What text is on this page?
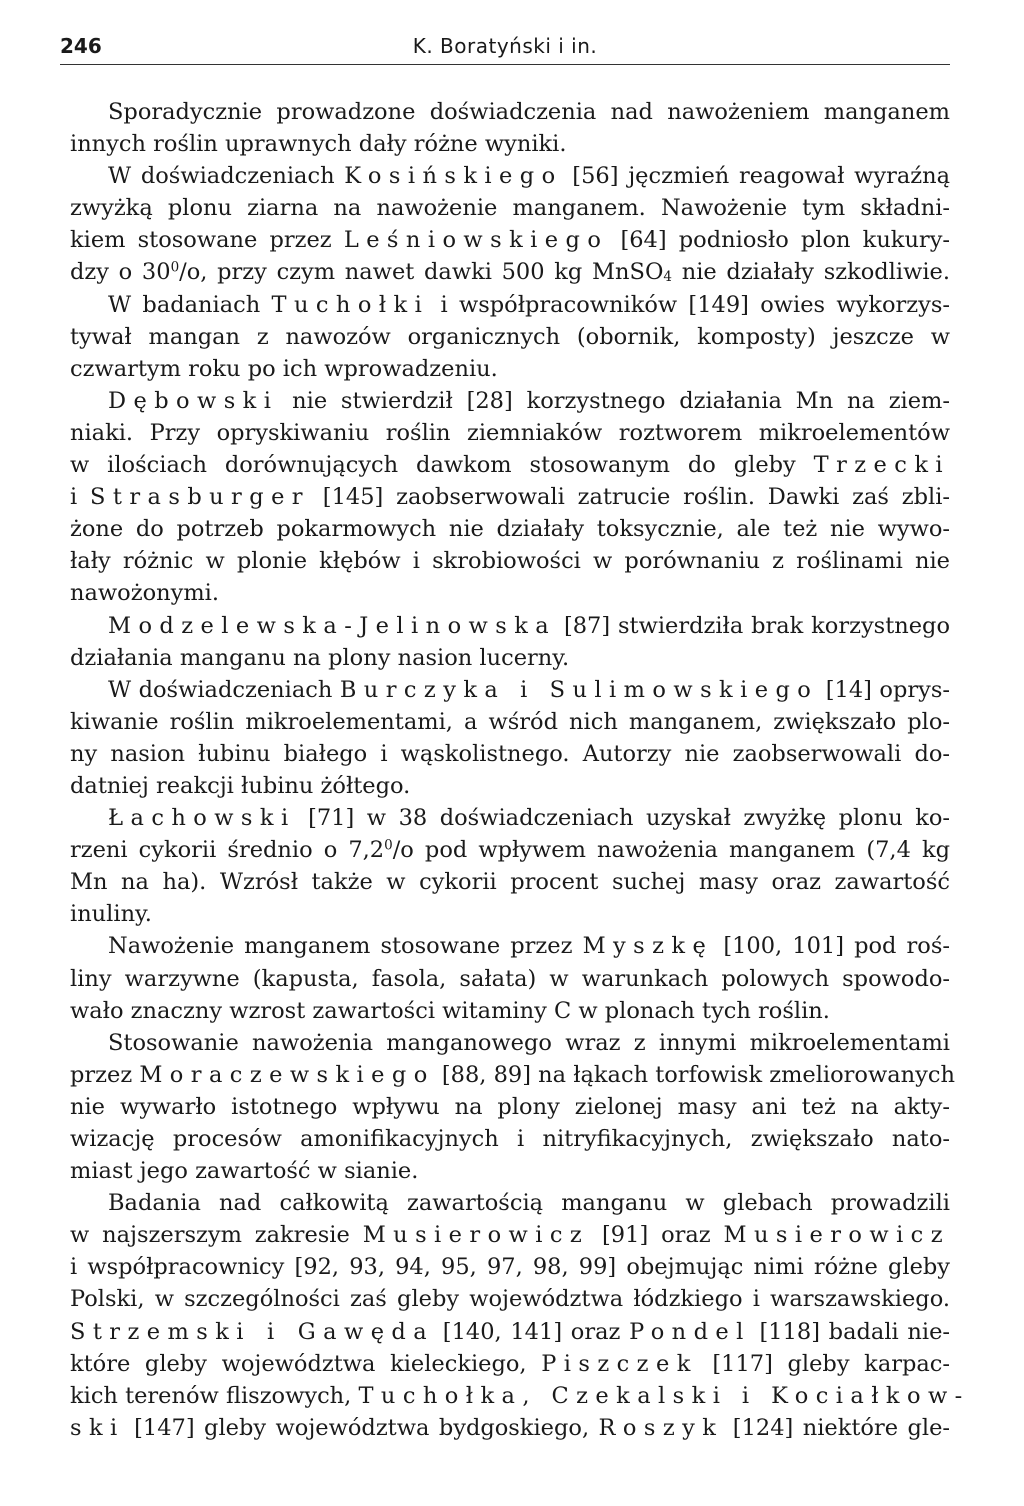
246	K. Boratyński i in.
Sporadycznie prowadzone doświadczenia nad nawożeniem manganem
innych roślin uprawnych dały różne wyniki.
W doświadczeniach Kosińskiego [56] jęczmień reagował wyraźną
zwyżką plonu ziarna na nawożenie manganem. Nawożenie tym składni-
kiem stosowane przez Leśniowskiego [64] podniosło plon kukury-
dzy o $30^0/o$, przy czym nawet dawki 500 kg MnSO$_4$ nie działały szkodliwie.
W badaniach Tuchołki i współpracowników [149] owies wykorzys-
tywał mangan z nawozów organicznych (obornik, komposty) jeszcze w
czwartym roku po ich wprowadzeniu.
Dębowski nie stwierdził [28] korzystnego działania Mn na ziem-
niaki. Przy opryskiwaniu roślin ziemniaków roztworem mikroelementów
w ilościach dorównujących dawkom stosowanym do gleby Trzecki
i Strasburger [145] zaobserwowali zatrucie roślin. Dawki zaś zbli-
żone do potrzeb pokarmowych nie działały toksycznie, ale też nie wywo-
łały różnic w plonie kłębów i skrobiowości w porównaniu z roślinami nie
nawożonymi.
Modzelewska-Jelinowska [87] stwierdziła brak korzystnego
działania manganu na plony nasion lucerny.
W doświadczeniach Burczyka i Sulimowskiego [14] oprys-
kiwanie roślin mikroelementami, a wśród nich manganem, zwiększało plo-
ny nasion łubinu białego i wąskolistnego. Autorzy nie zaobserwowali do-
datniej reakcji łubinu żółtego.
Łachowski [71] w 38 doświadczeniach uzyskał zwyżkę plonu ko-
rzeni cykorii średnio o $7,2^0/o$ pod wpływem nawożenia manganem (7,4 kg
Mn na ha). Wzrósł także w cykorii procent suchej masy oraz zawartość
inuliny.
Nawożenie manganem stosowane przez Myszkę [100, 101] pod roś-
liny warzywne (kapusta, fasola, sałata) w warunkach polowych spowodo-
wało znaczny wzrost zawartości witaminy C w plonach tych roślin.
Stosowanie nawożenia manganowego wraz z innymi mikroelementami
przez Moraczewskiego [88, 89] na łąkach torfowisk zmeliorowanych
nie wywarło istotnego wpływu na plony zielonej masy ani też na akty-
wizację procesów amonifikacyjnych i nitryfikacyjnych, zwiększało nato-
miast jego zawartość w sianie.
Badania nad całkowitą zawartością manganu w glebach prowadzili
w najszerszym zakresie Musierowicz [91] oraz Musierowicz
i współpracownicy [92, 93, 94, 95, 97, 98, 99] obejmując nimi różne gleby
Polski, w szczególności zaś gleby województwa łódzkiego i warszawskiego.
Strzemski i Gawęda [140, 141] oraz Pondel [118] badali nie-
które gleby województwa kieleckiego, Piszczek [117] gleby karpac-
kich terenów fliszowych, Tuchołka, Czekalski i Kociałkow-
ski [147] gleby województwa bydgoskiego, Roszyk [124] niektóre gle-
